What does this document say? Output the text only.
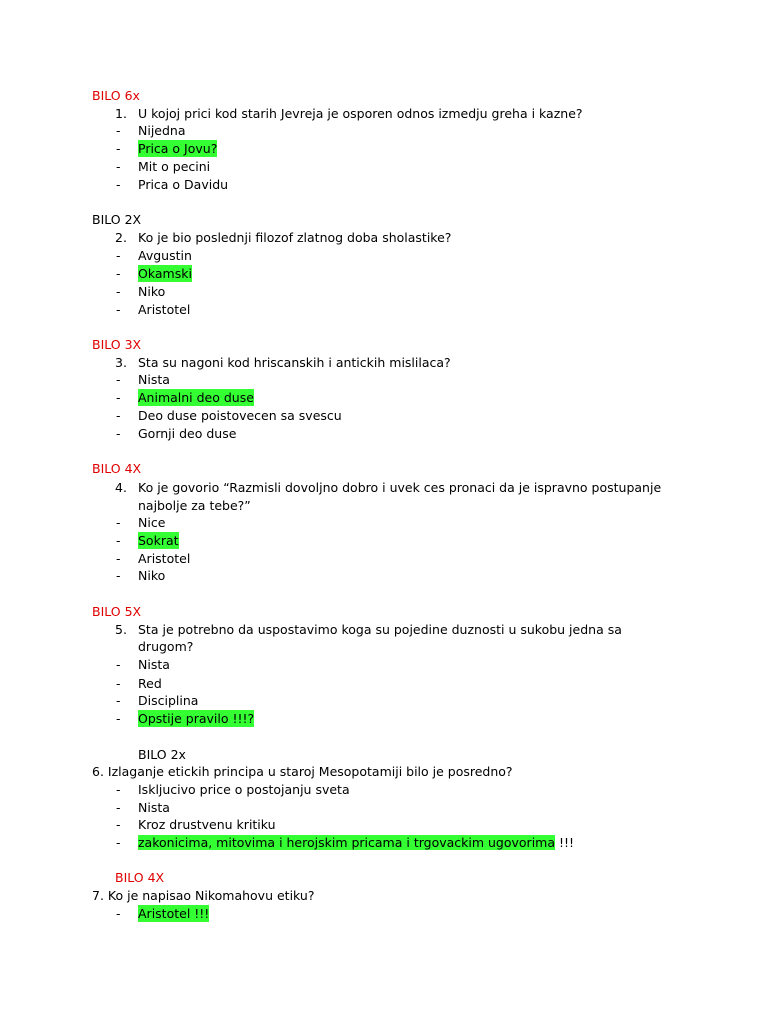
BILO 6x
1. U kojoj prici kod starih Jevreja je osporen odnos izmedju greha i kazne?
- Nijedna
- Prica o Jovu?
- Mit o pecini
- Prica o Davidu
BILO 2X
2. Ko je bio poslednji filozof zlatnog doba sholastike?
- Avgustin
- Okamski
- Niko
- Aristotel
BILO 3X
3. Sta su nagoni kod hriscanskih i antickih mislilaca?
- Nista
- Animalni deo duse
- Deo duse poistovecen sa svescu
- Gornji deo duse
BILO 4X
4. Ko je govorio “Razmisli dovoljno dobro i uvek ces pronaci da je ispravno postupanje
najbolje za tebe?”
- Nice
- Sokrat
- Aristotel
- Niko
BILO 5X
5. Sta je potrebno da uspostavimo koga su pojedine duznosti u sukobu jedna sa
drugom?
- Nista
- Red
- Disciplina
- Opstije pravilo !!!?
BILO 2x
6. Izlaganje etickih principa u staroj Mesopotamiji bilo je posredno?
- Iskljucivo price o postojanju sveta
- Nista
- Kroz drustvenu kritiku
- zakonicima, mitovima i herojskim pricama i trgovackim ugovorima !!!
BILO 4X
7. Ko je napisao Nikomahovu etiku?
- Aristotel !!!
